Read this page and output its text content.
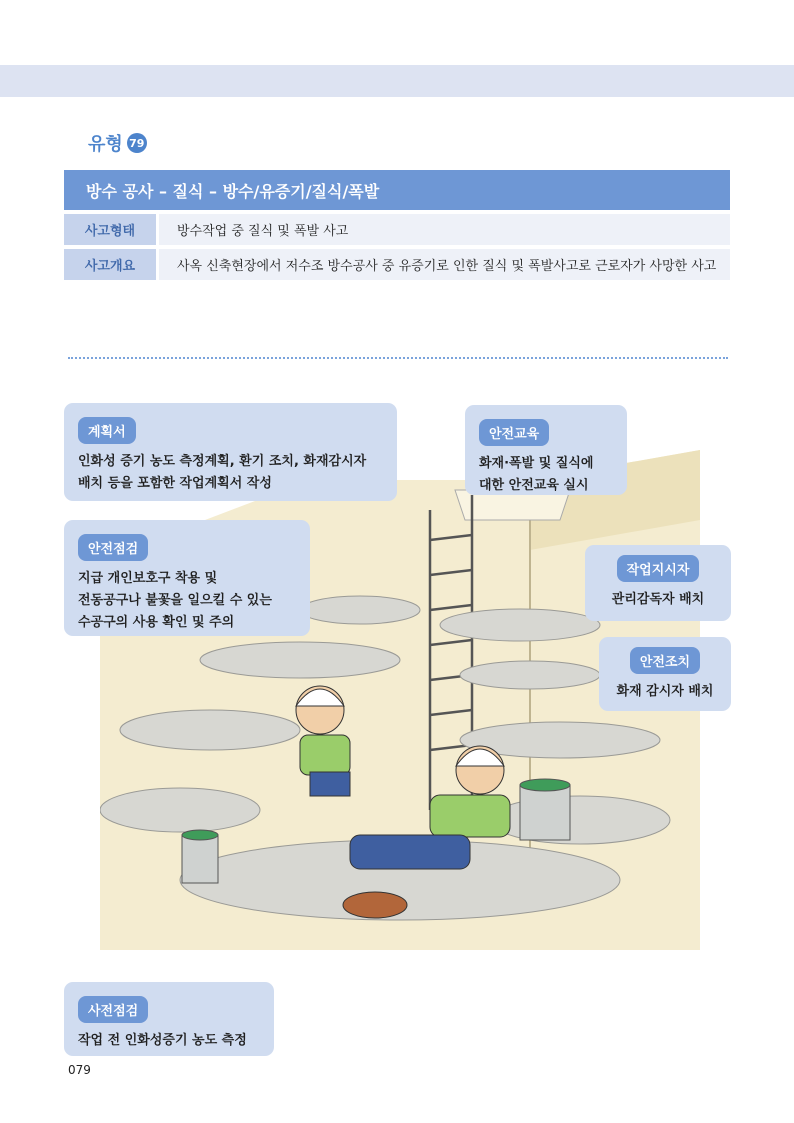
유형 79
방수 공사 – 질식 – 방수/유증기/질식/폭발
사고형태	방수작업 중 질식 및 폭발 사고
사고개요	사옥 신축현장에서 저수조 방수공사 중 유증기로 인한 질식 및 폭발사고로 근로자가 사망한 사고
계획서
인화성 증기 농도 측정계획, 환기 조치, 화재감시자
배치 등을 포함한 작업계획서 작성
안전교육
화재·폭발 및 질식에
대한 안전교육 실시
안전점검
지급 개인보호구 착용 및
전동공구나 불꽃을 일으킬 수 있는
수공구의 사용 확인 및 주의
작업지시자
관리감독자 배치
안전조치
화재 감시자 배치
사전점검
작업 전 인화성증기 농도 측정
079
